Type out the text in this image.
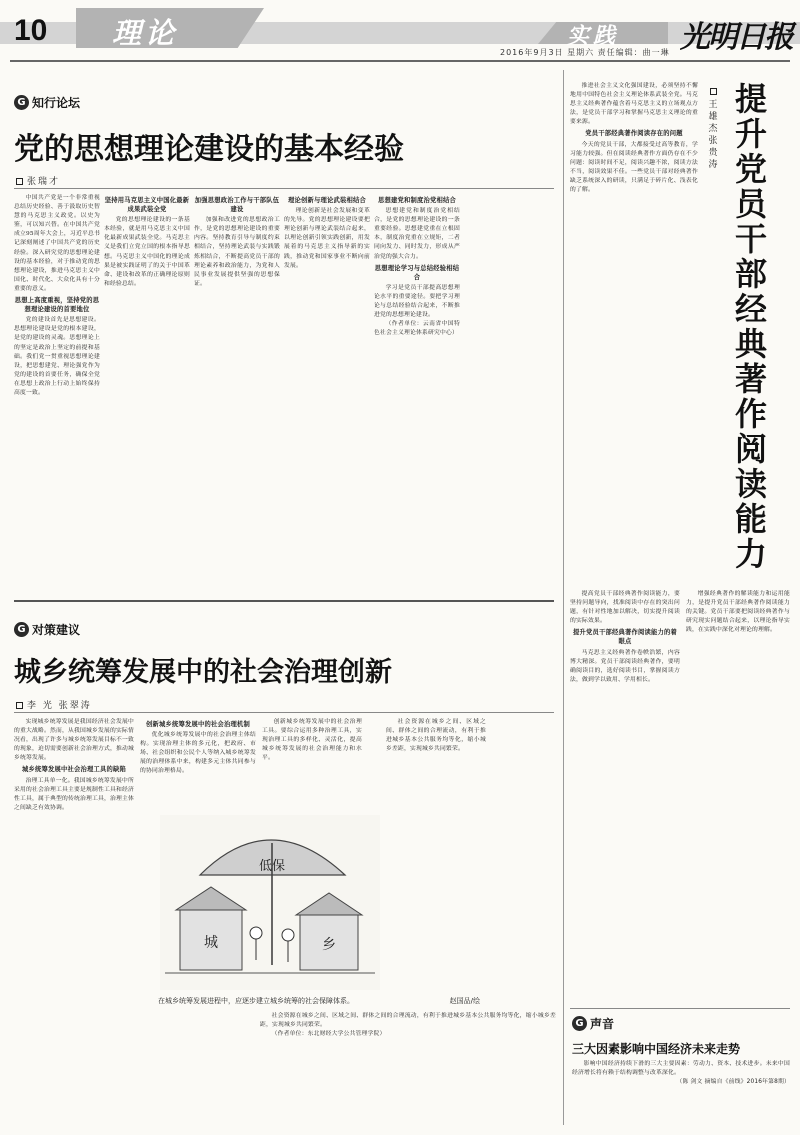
10 理论	实践
2016年9月3日 星期六 责任编辑：曲一琳 光明日报
G 知行论坛
党的思想理论建设的基本经验
张瑞才

中国共产党是一个非常重视总结历史经验、善于汲取历史智慧的马克思主义政党。以史为鉴，可以知兴替。在中国共产党成立95周年大会上，习近平总书记深刻阐述了中国共产党的历史经验。深入研究党的思想理论建设的基本经验，对于推动党的思想理论建设，推进马克思主义中国化、时代化、大众化具有十分重要的意义。

思想上高度重视，坚持党的思想理论建设的首要地位

党的建设首先是思想建设。思想理论建设是党的根本建设，是党的建设的灵魂。思想理论上的坚定是政治上坚定的前提和基础。我们党一贯重视思想理论建设，把思想建党、理论强党作为党的建设的首要任务，确保全党在思想上政治上行动上始终保持高度一致。

坚持用马克思主义中国化最新成果武装全党

党的思想理论建设的一条基本经验，就是用马克思主义中国化最新成果武装全党。马克思主义是我们立党立国的根本指导思想。马克思主义中国化的理论成果是被实践证明了的关于中国革命、建设和改革的正确理论原则和经验总结。

加强思想政治工作与干部队伍建设

加强和改进党的思想政治工作，是党的思想理论建设的重要内容。坚持教育引导与制度约束相结合，坚持理论武装与实践锻炼相结合，不断提高党员干部的理论素养和政治能力，为党和人民事业发展提供坚强的思想保证。

理论创新与理论武装相结合

理论创新是社会发展和变革的先导。党的思想理论建设要把理论创新与理论武装结合起来，以理论创新引领实践创新，用发展着的马克思主义指导新的实践，推动党和国家事业不断向前发展。

思想建党和制度治党相结合

思想建党和制度治党相结合，是党的思想理论建设的一条重要经验。思想建党重在立根固本，制度治党重在立规矩，二者同向发力、同时发力，形成从严治党的强大合力。

思想理论学习与总结经验相结合

学习是党员干部提高思想理论水平的重要途径。要把学习理论与总结经验结合起来，不断推进党的思想理论建设。

（作者单位：云南省中国特色社会主义理论体系研究中心）

G 对策建议
城乡统筹发展中的社会治理创新
李 光 张翠涛

实现城乡统筹发展是我国经济社会发展中的重大战略。然而，从我国城乡发展的实际情况看，出现了许多与城乡统筹发展目标不一致的现象，迫切需要创新社会治理方式，推动城乡统筹发展。

城乡统筹发展中社会治理工具的缺陷

治理工具单一化。我国城乡统筹发展中所采用的社会治理工具主要是规制性工具和经济性工具，属于典型的传统治理工具，治理主体之间缺乏有效协调。

创新城乡统筹发展中的社会治理机制

优化城乡统筹发展中的社会治理主体结构。实现治理主体的多元化，把政府、市场、社会组织和公民个人等纳入城乡统筹发展的治理体系中来，构建多元主体共同参与的协同治理格局。

创新城乡统筹发展中的社会治理工具。要综合运用多种治理工具，实现治理工具的多样化、灵活化，提高城乡统筹发展的社会治理能力和水平。

社会资源在城乡之间、区域之间、群体之间的合理流动，有利于推进城乡基本公共服务均等化，缩小城乡差距，实现城乡共同繁荣。

社会资源在城乡之间、区域之间、群体之间的合理流动，有利于推进城乡基本公共服务均等化，缩小城乡差距，实现城乡共同繁荣。

（作者单位：东北财经大学公共管理学院）

低保
城	乡
在城乡统筹发展进程中，应逐步建立城乡统筹的社会保障体系。	赵国品/绘

推进社会主义文化强国建设，必须坚持不懈地用中国特色社会主义理论体系武装全党。马克思主义经典著作蕴含着马克思主义的立场观点方法，是党员干部学习和掌握马克思主义理论的重要来源。

党员干部经典著作阅读存在的问题

今天的党员干部，大都接受过高等教育，学习能力较强。但在阅读经典著作方面仍存在不少问题：阅读时间不足，阅读兴趣不浓，阅读方法不当，阅读效果不佳。一些党员干部对经典著作缺乏系统深入的研读，只满足于碎片化、浅表化的了解。

王雄杰 张贵涛
提升党员干部经典著作阅读能力

提高党员干部经典著作阅读能力，要坚持问题导向，找准阅读中存在的突出问题，有针对性地加以解决，切实提升阅读的实际效果。

提升党员干部经典著作阅读能力的着眼点

马克思主义经典著作卷帙浩繁，内容博大精深。党员干部阅读经典著作，要明确阅读目的，选好阅读书目，掌握阅读方法，做到学以致用、学用相长。

增强经典著作的解读能力和运用能力，是提升党员干部经典著作阅读能力的关键。党员干部要把阅读经典著作与研究现实问题结合起来，以理论指导实践，在实践中深化对理论的理解。

G 声音
三大因素影响中国经济未来走势

影响中国经济持续下滑的三大主要因素：劳动力、资本、技术进步。未来中国经济增长将有赖于结构调整与改革深化。

（陈 剑文 摘编自《前线》2016年第8期）
